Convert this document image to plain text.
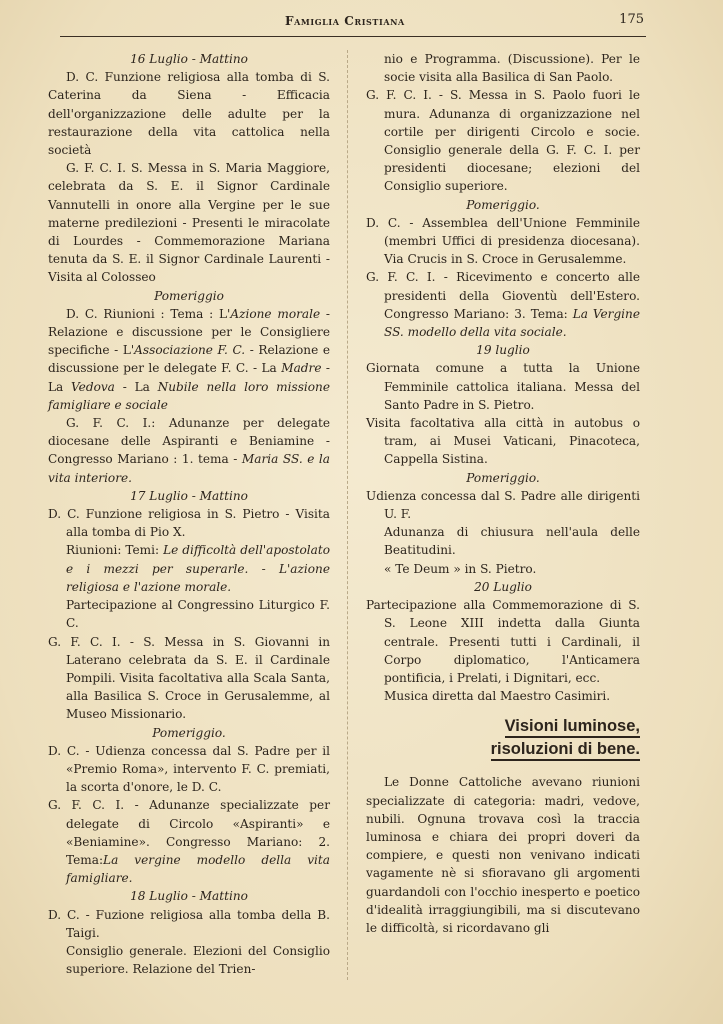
Famiglia Cristiana	175

16 Luglio - Mattino

D. C. Funzione religiosa alla tomba di S. Caterina da Siena - Efficacia dell'organizzazione delle adulte per la restaurazione della vita cattolica nella società

G. F. C. I. S. Messa in S. Maria Maggiore, celebrata da S. E. il Signor Cardinale Vannutelli in onore alla Vergine per le sue materne predilezioni - Presenti le miracolate di Lourdes - Commemorazione Mariana tenuta da S. E. il Signor Cardinale Laurenti - Visita al Colosseo

Pomeriggio

D. C. Riunioni : Tema : L'Azione morale - Relazione e discussione per le Consigliere specifiche - L'Associazione F. C. - Relazione e discussione per le delegate F. C. - La Madre - La Vedova - La Nubile nella loro missione famigliare e sociale

G. F. C. I.: Adunanze per delegate diocesane delle Aspiranti e Beniamine - Congresso Mariano : 1. tema - Maria SS. e la vita interiore.

17 Luglio - Mattino

D. C. Funzione religiosa in S. Pietro - Visita alla tomba di Pio X.

Riunioni: Temi: Le difficoltà dell'apostolato e i mezzi per superarle. - L'azione religiosa e l'azione morale.

Partecipazione al Congressino Liturgico F. C.

G. F. C. I. - S. Messa in S. Giovanni in Laterano celebrata da S. E. il Cardinale Pompili. Visita facoltativa alla Scala Santa, alla Basilica S. Croce in Gerusalemme, al Museo Missionario.

Pomeriggio.

D. C. - Udienza concessa dal S. Padre per il «Premio Roma», intervento F. C. premiati, la scorta d'onore, le D. C.

G. F. C. I. - Adunanze specializzate per delegate di Circolo «Aspiranti» e «Beniamine». Congresso Mariano: 2. Tema:La vergine modello della vita famigliare.

18 Luglio - Mattino

D. C. - Fuzione religiosa alla tomba della B. Taigi.

Consiglio generale. Elezioni del Consiglio superiore. Relazione del Trien-

nio e Programma. (Discussione). Per le socie visita alla Basilica di San Paolo.

G. F. C. I. - S. Messa in S. Paolo fuori le mura. Adunanza di organizzazione nel cortile per dirigenti Circolo e socie. Consiglio generale della G. F. C. I. per presidenti diocesane; elezioni del Consiglio superiore.

Pomeriggio.

D. C. - Assemblea dell'Unione Femminile (membri Uffici di presidenza diocesana). Via Crucis in S. Croce in Gerusalemme.

G. F. C. I. - Ricevimento e concerto alle presidenti della Gioventù dell'Estero. Congresso Mariano: 3. Tema: La Vergine SS. modello della vita sociale.

19 luglio

Giornata comune a tutta la Unione Femminile cattolica italiana. Messa del Santo Padre in S. Pietro.

Visita facoltativa alla città in autobus o tram, ai Musei Vaticani, Pinacoteca, Cappella Sistina.

Pomeriggio.

Udienza concessa dal S. Padre alle dirigenti U. F.

Adunanza di chiusura nell'aula delle Beatitudini.

« Te Deum » in S. Pietro.

20 Luglio

Partecipazione alla Commemorazione di S. S. Leone XIII indetta dalla Giunta centrale. Presenti tutti i Cardinali, il Corpo diplomatico, l'Anticamera pontificia, i Prelati, i Dignitari, ecc.

Musica diretta dal Maestro Casimiri.

Visioni luminose,

risoluzioni di bene.

Le Donne Cattoliche avevano riunioni specializzate di categoria: madri, vedove, nubili. Ognuna trovava così la traccia luminosa e chiara dei propri doveri da compiere, e questi non venivano indicati vagamente nè si sfioravano gli argomenti guardandoli con l'occhio inesperto e poetico d'idealità irraggiungibili, ma si discutevano le difficoltà, si ricordavano gli
